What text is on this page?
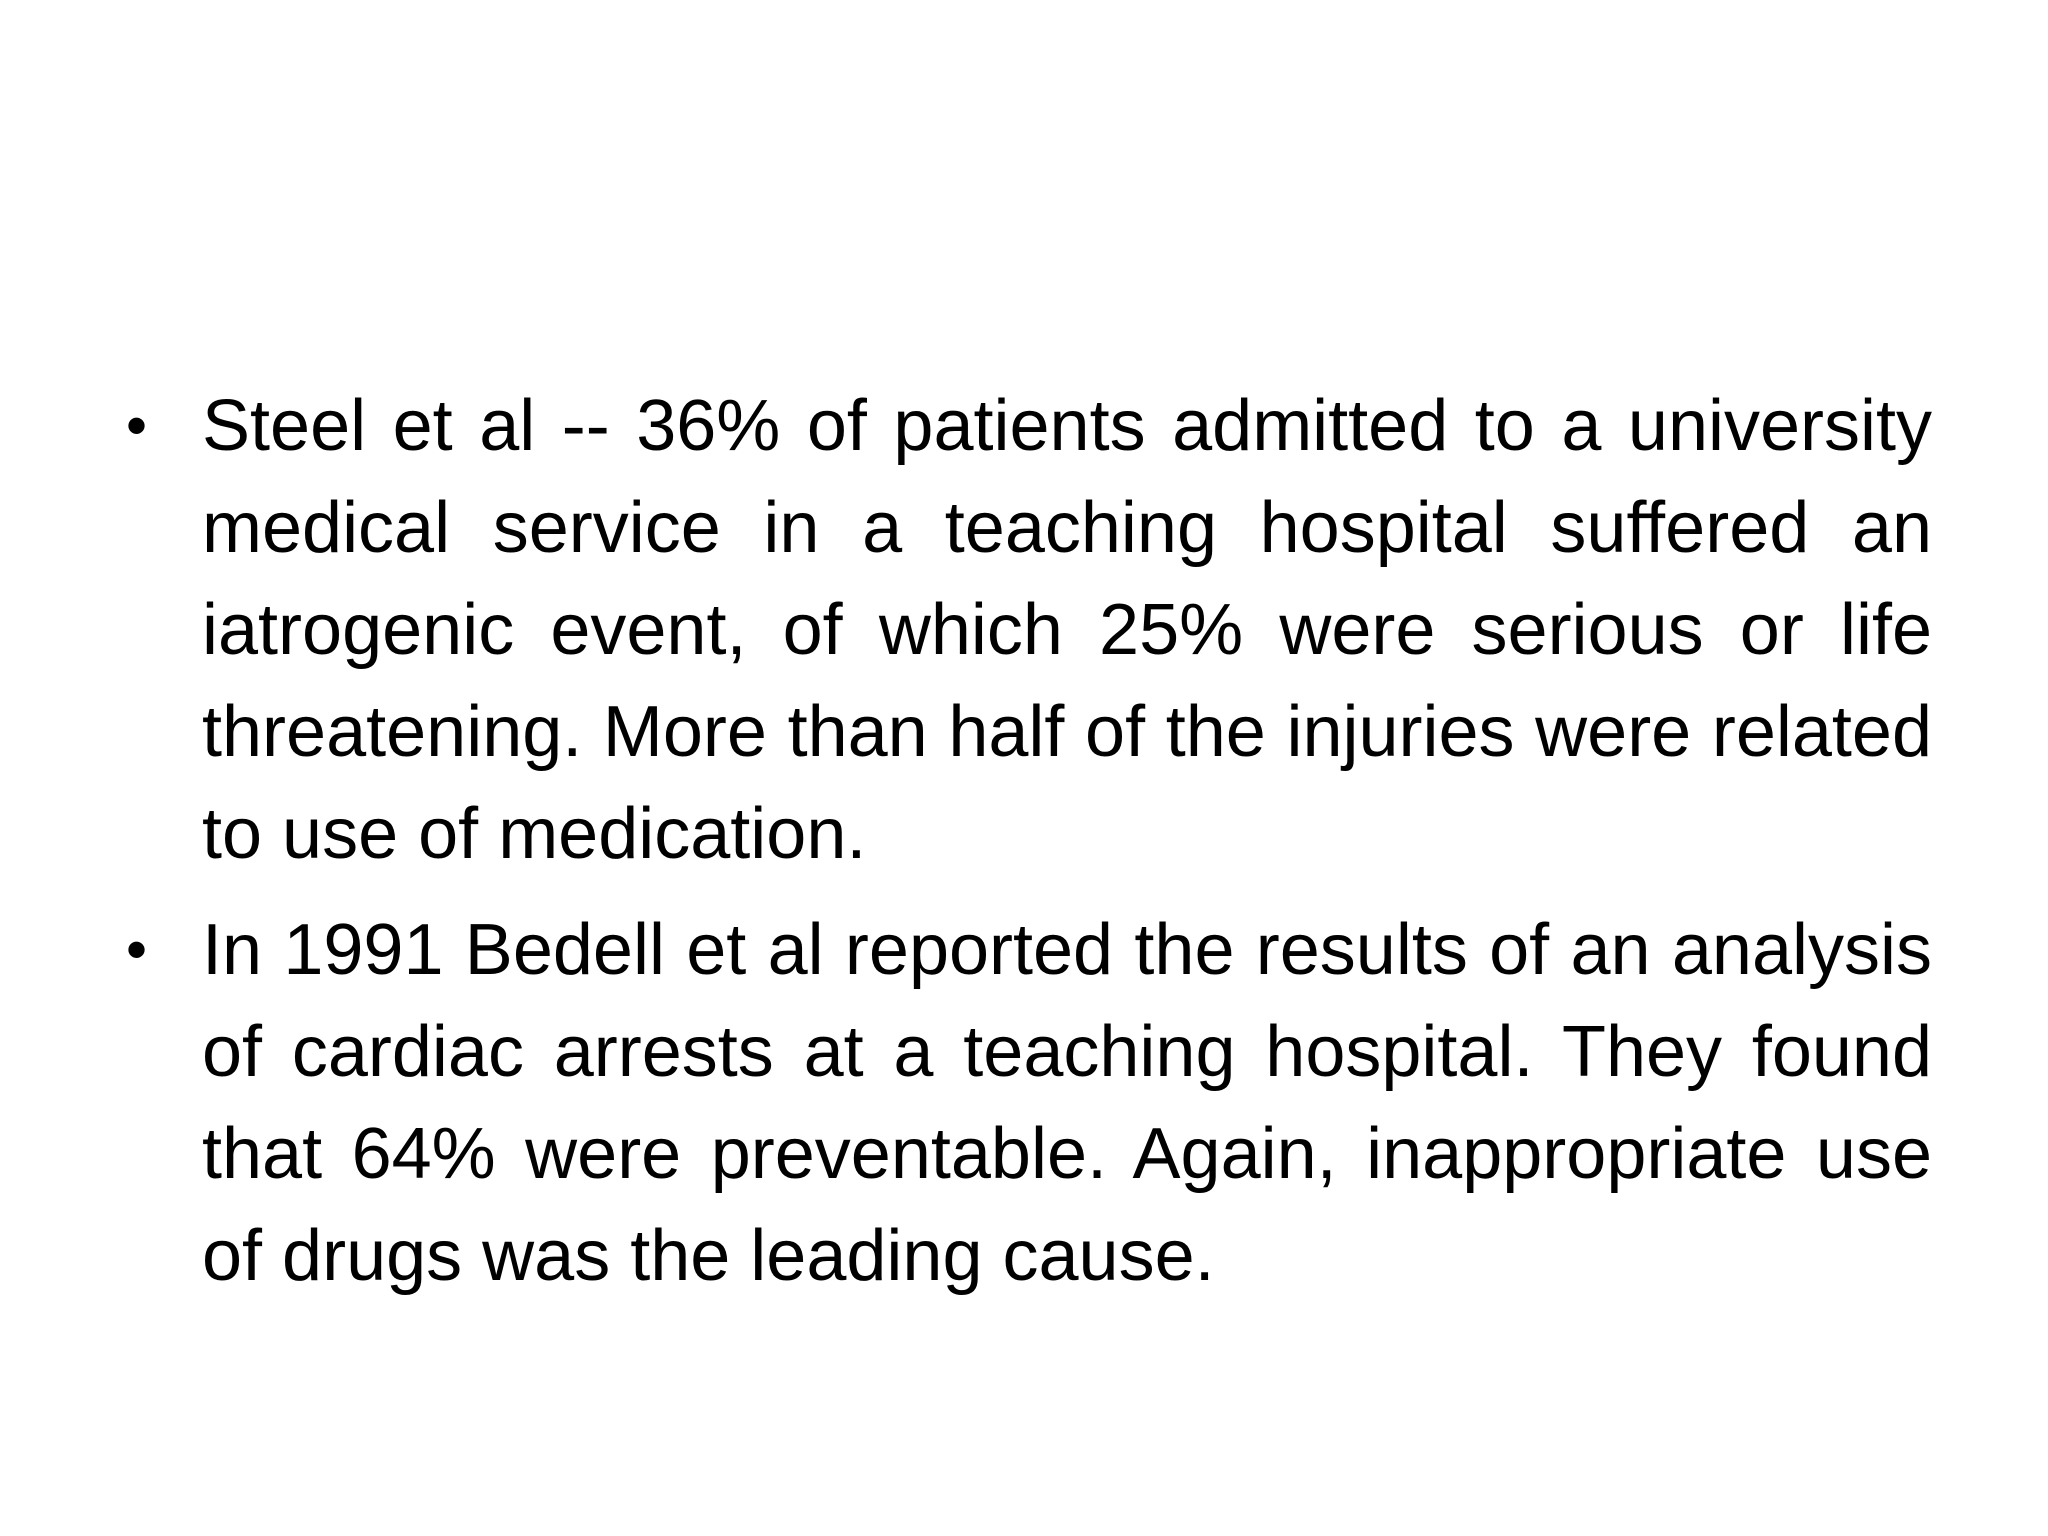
• Steel et al -- 36% of patients admitted to a university medical service in a teaching hospital suffered an iatrogenic event, of which 25% were serious or life threatening. More than half of the injuries were related to use of medication.
• In 1991 Bedell et al reported the results of an analysis of cardiac arrests at a teaching hospital. They found that 64% were preventable. Again, inappropriate use of drugs was the leading cause.
